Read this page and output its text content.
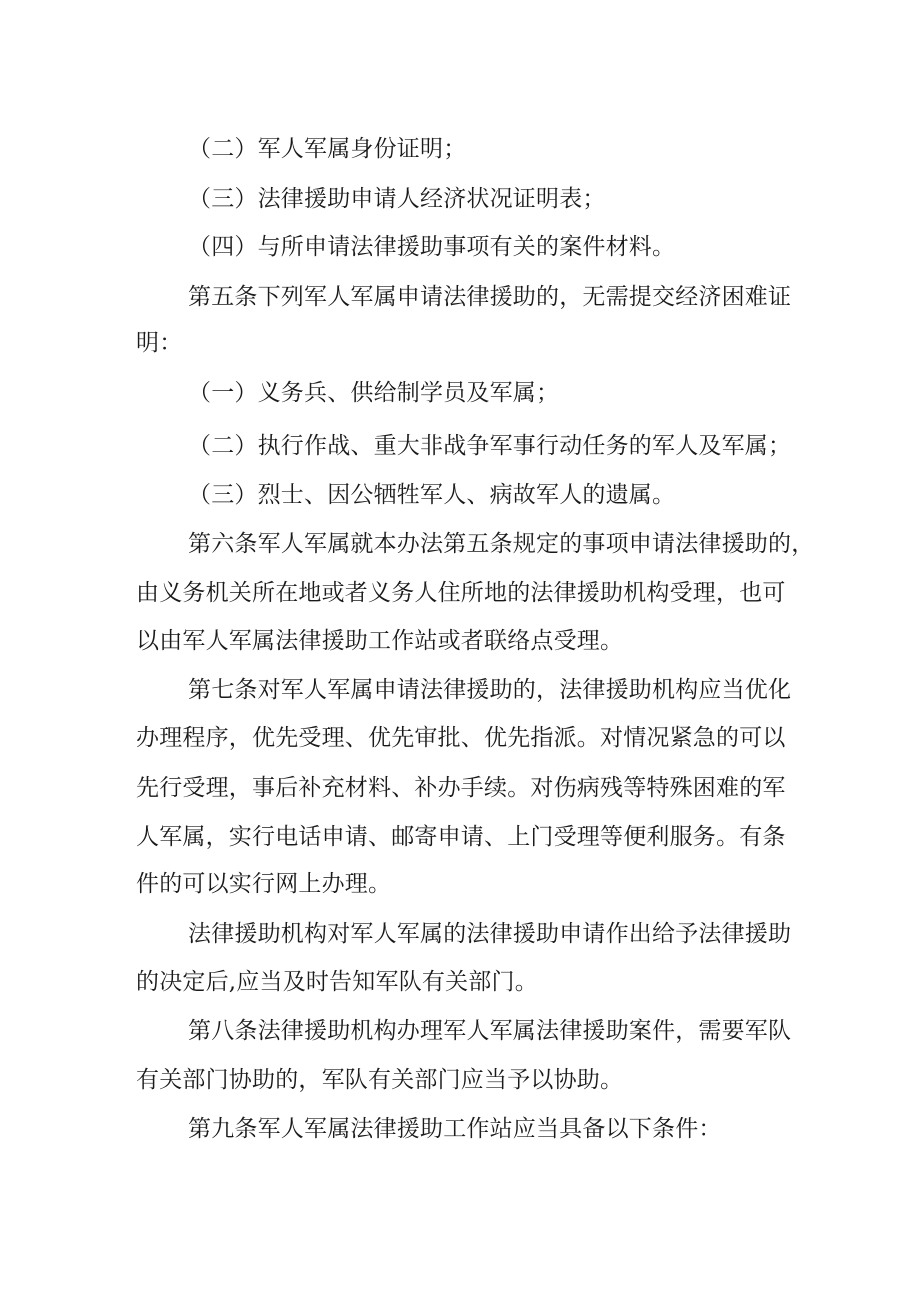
（二）军人军属身份证明；
（三）法律援助申请人经济状况证明表；
（四）与所申请法律援助事项有关的案件材料。
第五条下列军人军属申请法律援助的，无需提交经济困难证
明：
（一）义务兵、供给制学员及军属；
（二）执行作战、重大非战争军事行动任务的军人及军属；
（三）烈士、因公牺牲军人、病故军人的遗属。
第六条军人军属就本办法第五条规定的事项申请法律援助的，
由义务机关所在地或者义务人住所地的法律援助机构受理，也可
以由军人军属法律援助工作站或者联络点受理。
第七条对军人军属申请法律援助的，法律援助机构应当优化
办理程序，优先受理、优先审批、优先指派。对情况紧急的可以
先行受理，事后补充材料、补办手续。对伤病残等特殊困难的军
人军属，实行电话申请、邮寄申请、上门受理等便利服务。有条
件的可以实行网上办理。
法律援助机构对军人军属的法律援助申请作出给予法律援助
的决定后,应当及时告知军队有关部门。
第八条法律援助机构办理军人军属法律援助案件，需要军队
有关部门协助的，军队有关部门应当予以协助。
第九条军人军属法律援助工作站应当具备以下条件：
